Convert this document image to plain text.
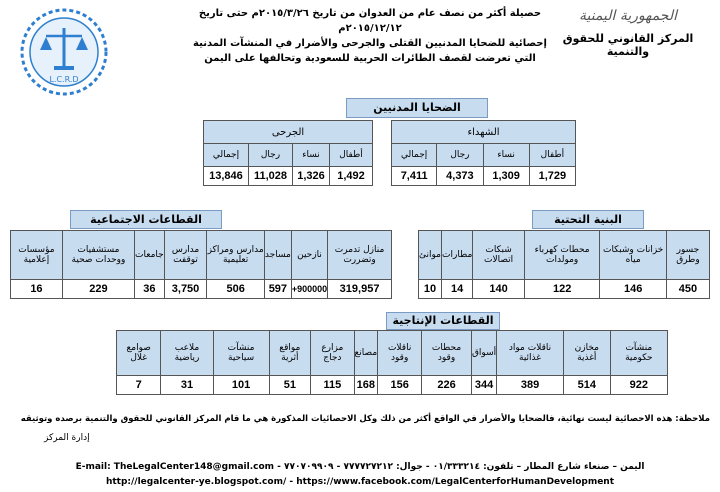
الجمهورية اليمنية
المركز القانوني للحقوق والتنمية
حصيلة أكثر من نصف عام من العدوان من تاريخ ٢٠١٥/٣/٢٦م حتى تاريخ ٢٠١٥/١٢/١٢م
إحصائية للضحايا المدنيين القتلى والجرحى والأضرار في المنشآت المدنية
التي تعرضت لقصف الطائرات الحربية للسعودية وتحالفها على اليمن
L.C.R.D
الضحايا المدنيين
الجرحى			
أطفال	نساء	رجال	إجمالي
1,492	1,326	11,028	13,846
الشهداء			
أطفال	نساء	رجال	إجمالي
1,729	1,309	4,373	7,411
القطاعات الاجتماعية
منازل تدمرت وتضررت	نازحين	مساجد	مدارس ومراكز تعليمية	مدارس توقفت	جامعات	مستشفيات ووحدات صحية	مؤسسات إعلامية
319,957	900000+	597	506	3,750	36	229	16
البنية التحتية
جسور وطرق	خزانات وشبكات مياه	محطات كهرباء ومولدات	شبكات اتصالات	مطارات	موانئ
450	146	122	140	14	10
القطاعات الإنتاجية
منشآت حكومية	مخازن أغذية	ناقلات مواد غذائية	أسواق	محطات وقود	ناقلات وقود	مصانع	مزارع دجاج	مواقع أثرية	منشآت سياحية	ملاعب رياضية	صوامع غلال
922	514	389	344	226	156	168	115	51	101	31	7
ملاحظة: هذه الاحصائية ليست نهائية، فالضحايا والأضرار في الواقع أكثر من ذلك وكل الاحصائيات المذكورة هي ما قام المركز القانوني للحقوق والتنمية برصده وتوثيقه
إدارة المركز
E-mail: TheLegalCenter148@gmail.com - اليمن – صنعاء شارع المطار – تلفون: ٠١/٣٣٣٢١٤ - جوال: ٧٧٧٧٢٧٢١٢ - ٧٧٠٧٠٩٩٠٩
http://legalcenter-ye.blogspot.com/ - https://www.facebook.com/LegalCenterforHumanDevelopment
